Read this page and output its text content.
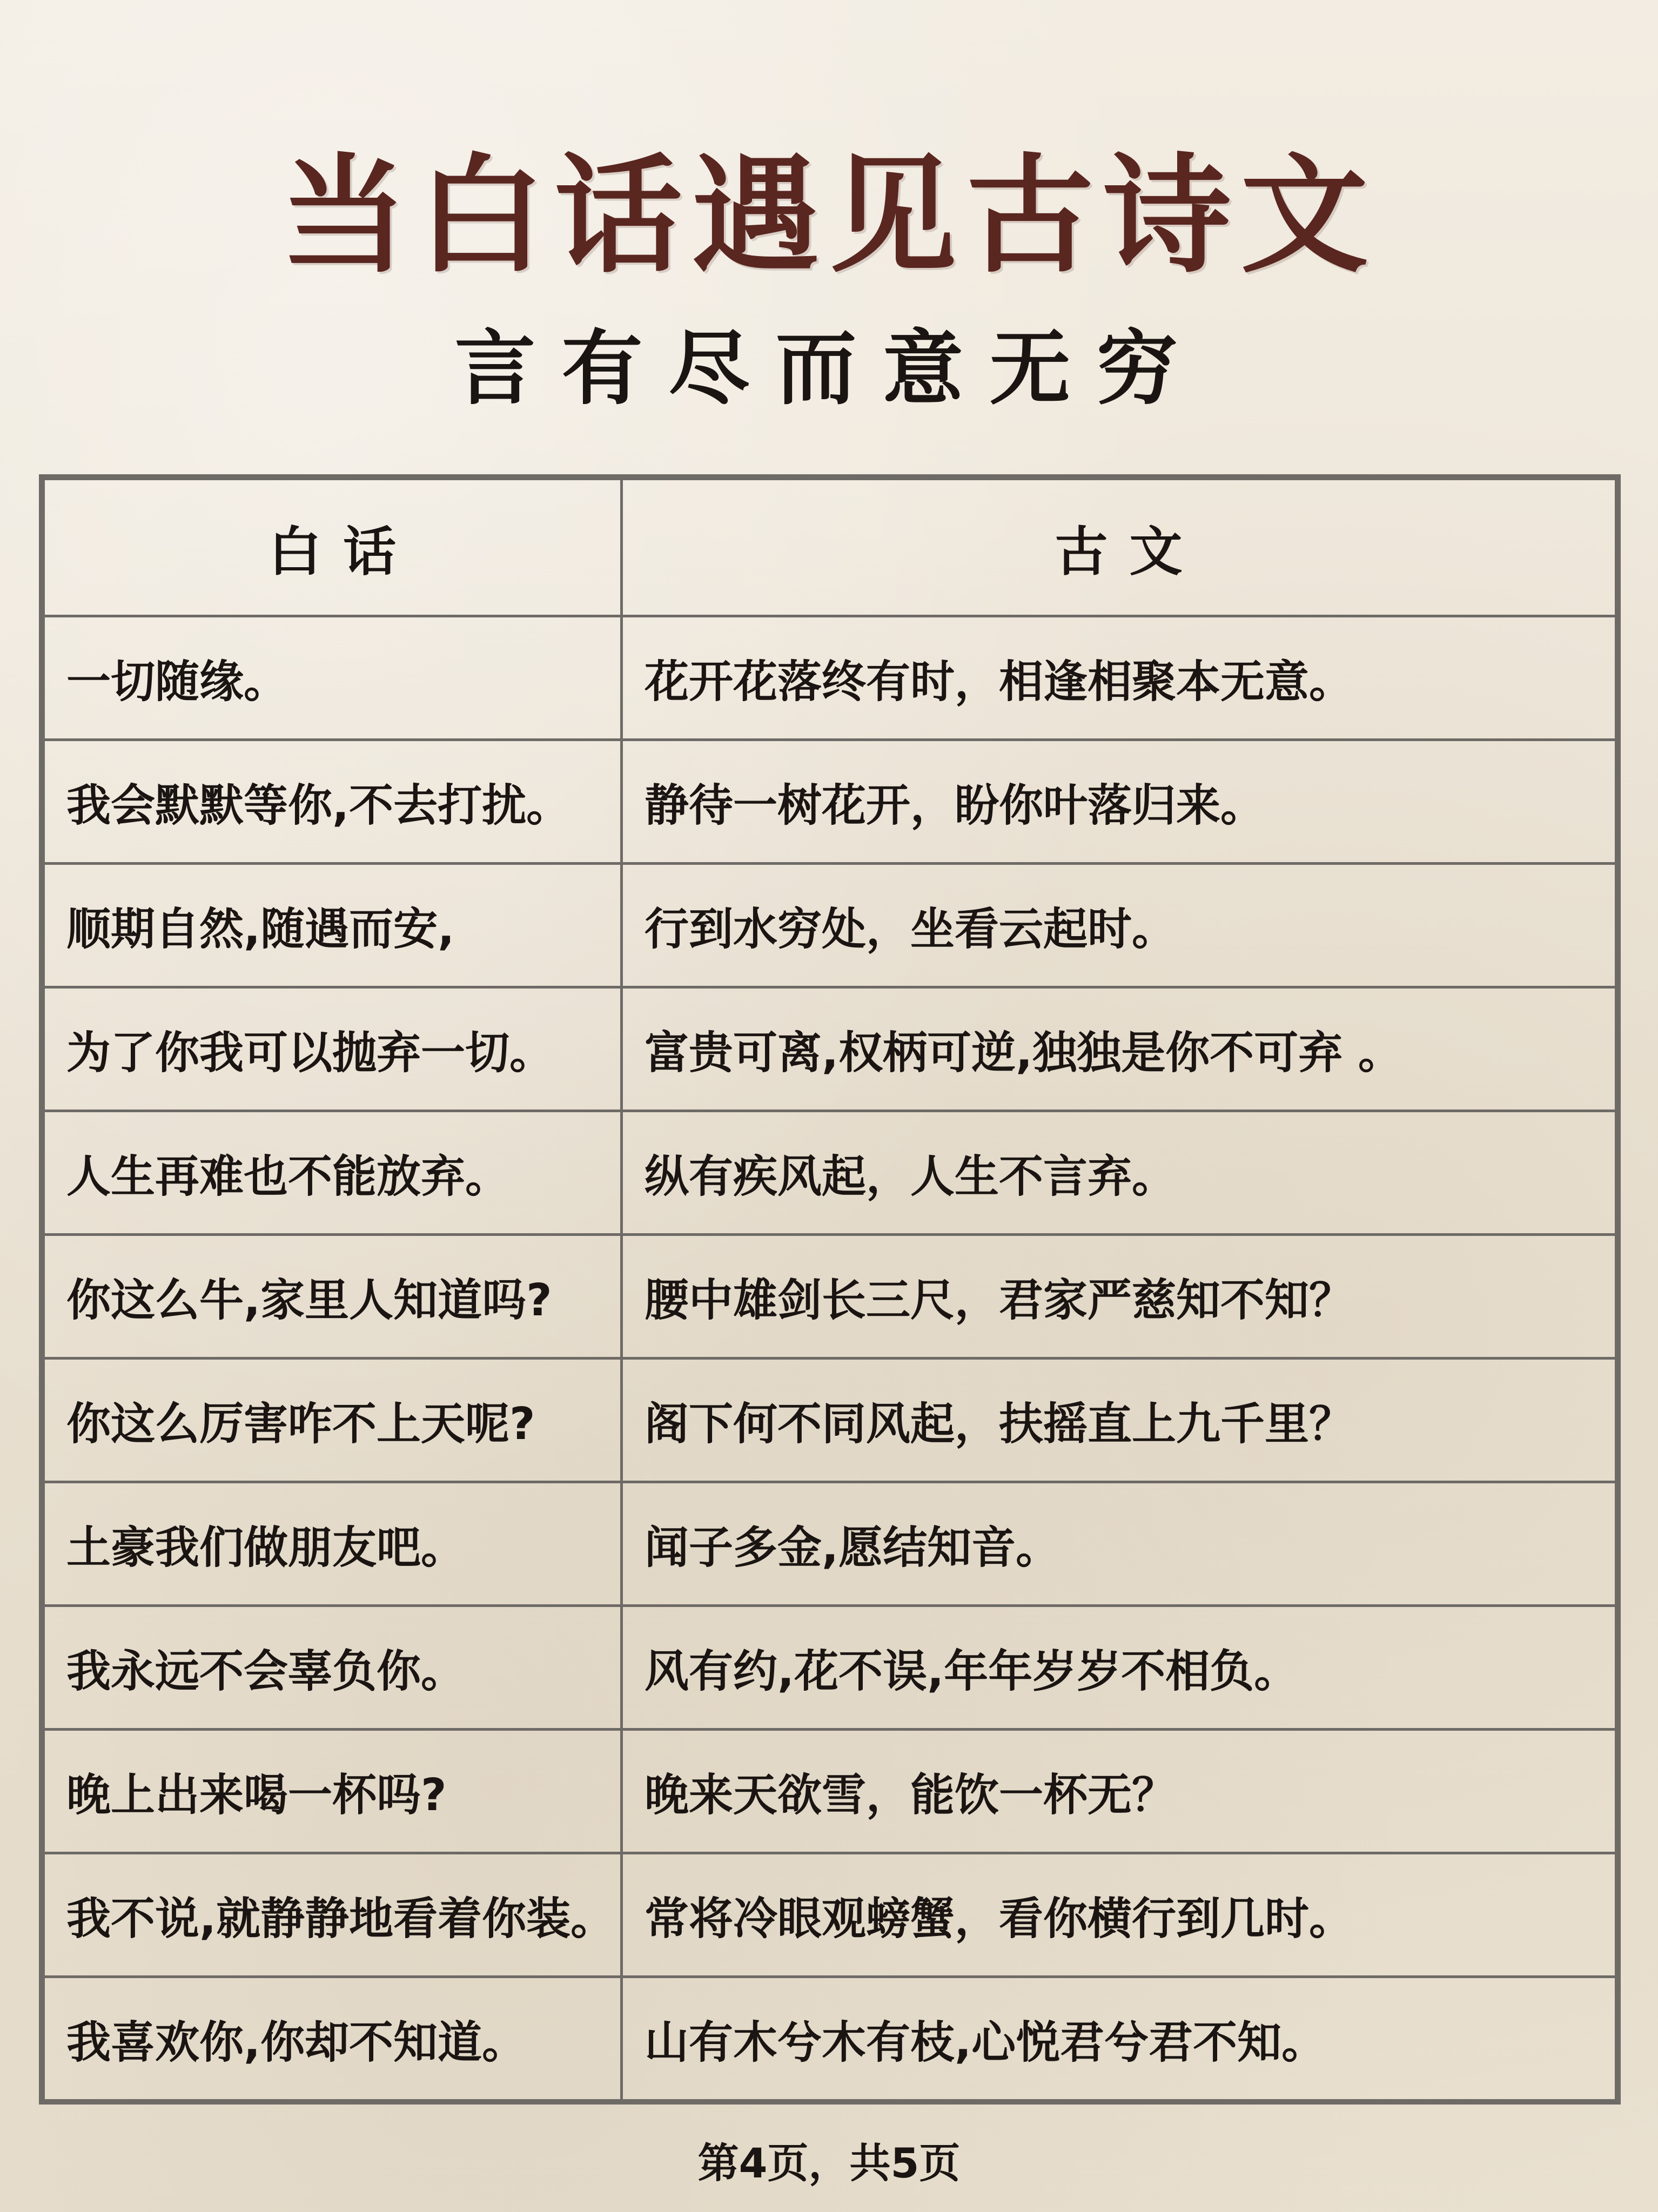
当白话遇见古诗文
言有尽而意无穷
白话	古文
一切随缘。	花开花落终有时，相逢相聚本无意。
我会默默等你,不去打扰。	静待一树花开，盼你叶落归来。
顺期自然,随遇而安,	行到水穷处，坐看云起时。
为了你我可以抛弃一切。	富贵可离,权柄可逆,独独是你不可弃 。
人生再难也不能放弃。	纵有疾风起，人生不言弃。
你这么牛,家里人知道吗?	腰中雄剑长三尺，君家严慈知不知？
你这么厉害咋不上天呢?	阁下何不同风起，扶摇直上九千里？
土豪我们做朋友吧。	闻子多金,愿结知音。
我永远不会辜负你。	风有约,花不误,年年岁岁不相负。
晚上出来喝一杯吗?	晚来天欲雪，能饮一杯无？
我不说,就静静地看着你装。	常将冷眼观螃蟹，看你横行到几时。
我喜欢你,你却不知道。	山有木兮木有枝,心悦君兮君不知。
第4页，共5页
